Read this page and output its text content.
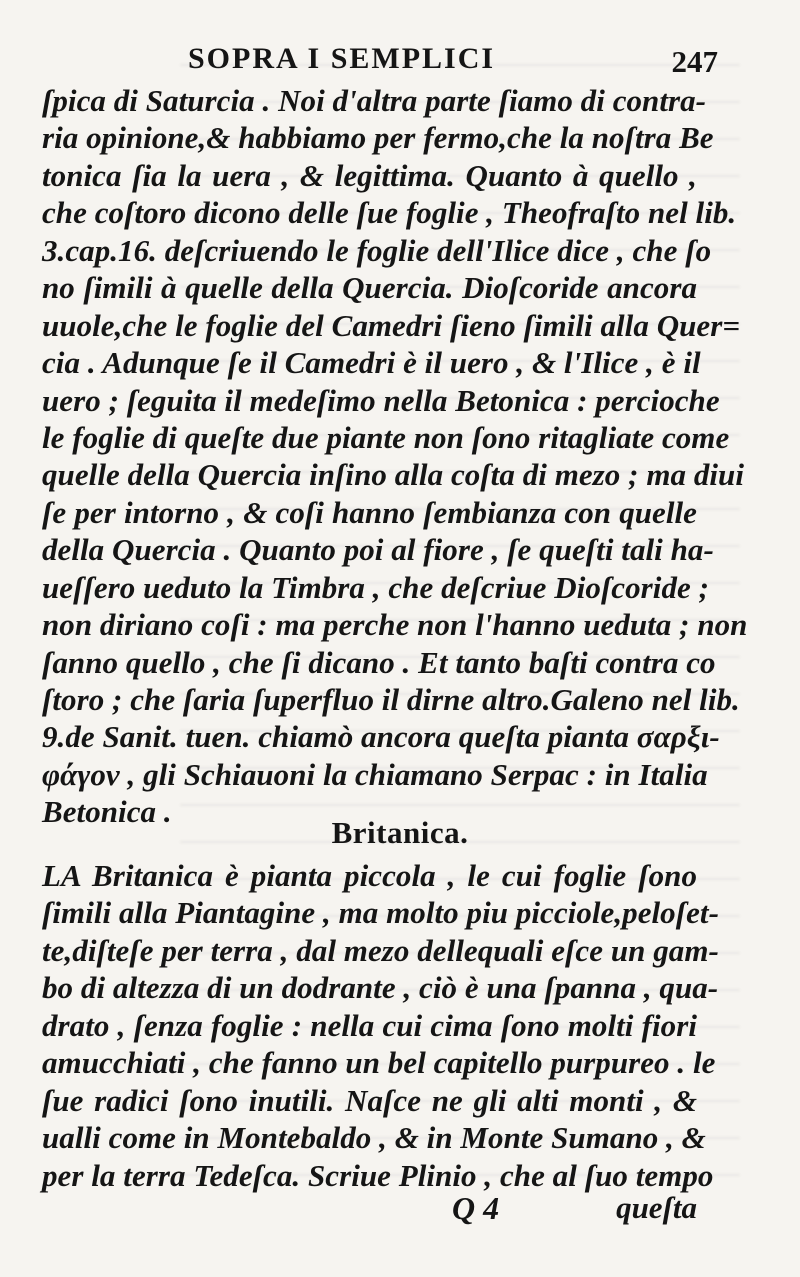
SOPRA I SEMPLICI	247
ſpica di Saturcia . Noi d'altra parte ſiamo di contra-
ria opinione,& habbiamo per fermo,che la noſtra Be
tonica ſia la uera , & legittima. Quanto à quello ,
che coſtoro dicono delle ſue foglie , Theofraſto nel lib.
3.cap.16. deſcriuendo le foglie dell'Ilice dice , che ſo
no ſimili à quelle della Quercia. Dioſcoride ancora
uuole,che le foglie del Camedri ſieno ſimili alla Quer=
cia . Adunque ſe il Camedri è il uero , & l'Ilice , è il
uero ; ſeguita il medeſimo nella Betonica : percioche
le foglie di queſte due piante non ſono ritagliate come
quelle della Quercia inſino alla coſta di mezo ; ma diui
ſe per intorno , & coſi hanno ſembianza con quelle
della Quercia . Quanto poi al fiore , ſe queſti tali ha-
ueſſero ueduto la Timbra , che deſcriue Dioſcoride ;
non diriano coſi : ma perche non l'hanno ueduta ; non
ſanno quello , che ſi dicano . Et tanto baſti contra co
ſtoro ; che ſaria ſuperfluo il dirne altro.Galeno nel lib.
9.de Sanit. tuen. chiamò ancora queſta pianta σαρξι-
φάγον , gli Schiauoni la chiamano Serpac : in Italia
Betonica .
Britanica.
LA Britanica è pianta piccola , le cui foglie ſono
ſimili alla Piantagine , ma molto piu picciole,peloſet-
te,diſteſe per terra , dal mezo dellequali eſce un gam-
bo di altezza di un dodrante , ciò è una ſpanna , qua-
drato , ſenza foglie : nella cui cima ſono molti fiori
amucchiati , che fanno un bel capitello purpureo . le
ſue radici ſono inutili. Naſce ne gli alti monti , &
ualli come in Montebaldo , & in Monte Sumano , &
per la terra Tedeſca. Scriue Plinio , che al ſuo tempo
Q 4	queſta
